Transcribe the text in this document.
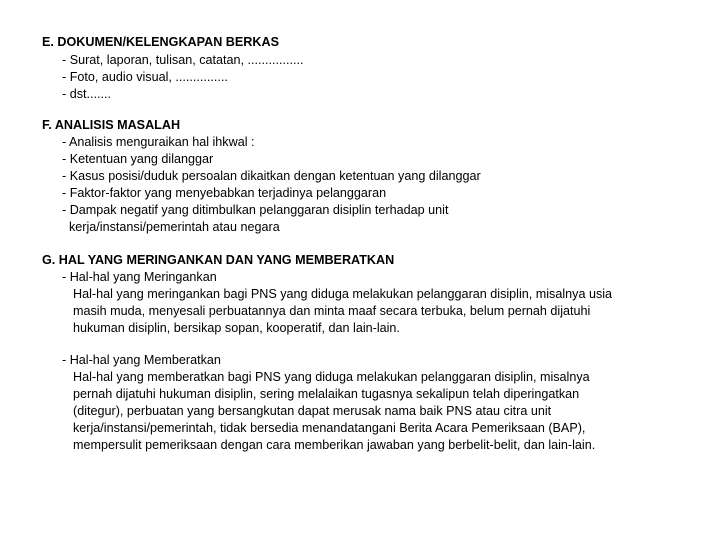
E. DOKUMEN/KELENGKAPAN BERKAS
- Surat, laporan, tulisan, catatan, ................
- Foto, audio visual, ...............
- dst.......
F. ANALISIS MASALAH
- Analisis menguraikan hal ihkwal :
- Ketentuan yang dilanggar
- Kasus posisi/duduk persoalan dikaitkan dengan ketentuan yang dilanggar
- Faktor-faktor yang menyebabkan terjadinya pelanggaran
- Dampak negatif yang ditimbulkan pelanggaran disiplin terhadap unit
kerja/instansi/pemerintah atau negara
G. HAL YANG MERINGANKAN DAN YANG MEMBERATKAN
- Hal-hal yang Meringankan
Hal-hal yang meringankan bagi PNS yang diduga melakukan pelanggaran disiplin, misalnya usia
masih muda, menyesali perbuatannya dan minta maaf secara terbuka, belum pernah dijatuhi
hukuman disiplin, bersikap sopan, kooperatif, dan lain-lain.
- Hal-hal yang Memberatkan
Hal-hal yang memberatkan bagi PNS yang diduga melakukan pelanggaran disiplin, misalnya
pernah dijatuhi hukuman disiplin, sering melalaikan tugasnya sekalipun telah diperingatkan
(ditegur), perbuatan yang bersangkutan dapat merusak nama baik PNS atau citra unit
kerja/instansi/pemerintah, tidak bersedia menandatangani Berita Acara Pemeriksaan (BAP),
mempersulit pemeriksaan dengan cara memberikan jawaban yang berbelit-belit, dan lain-lain.
